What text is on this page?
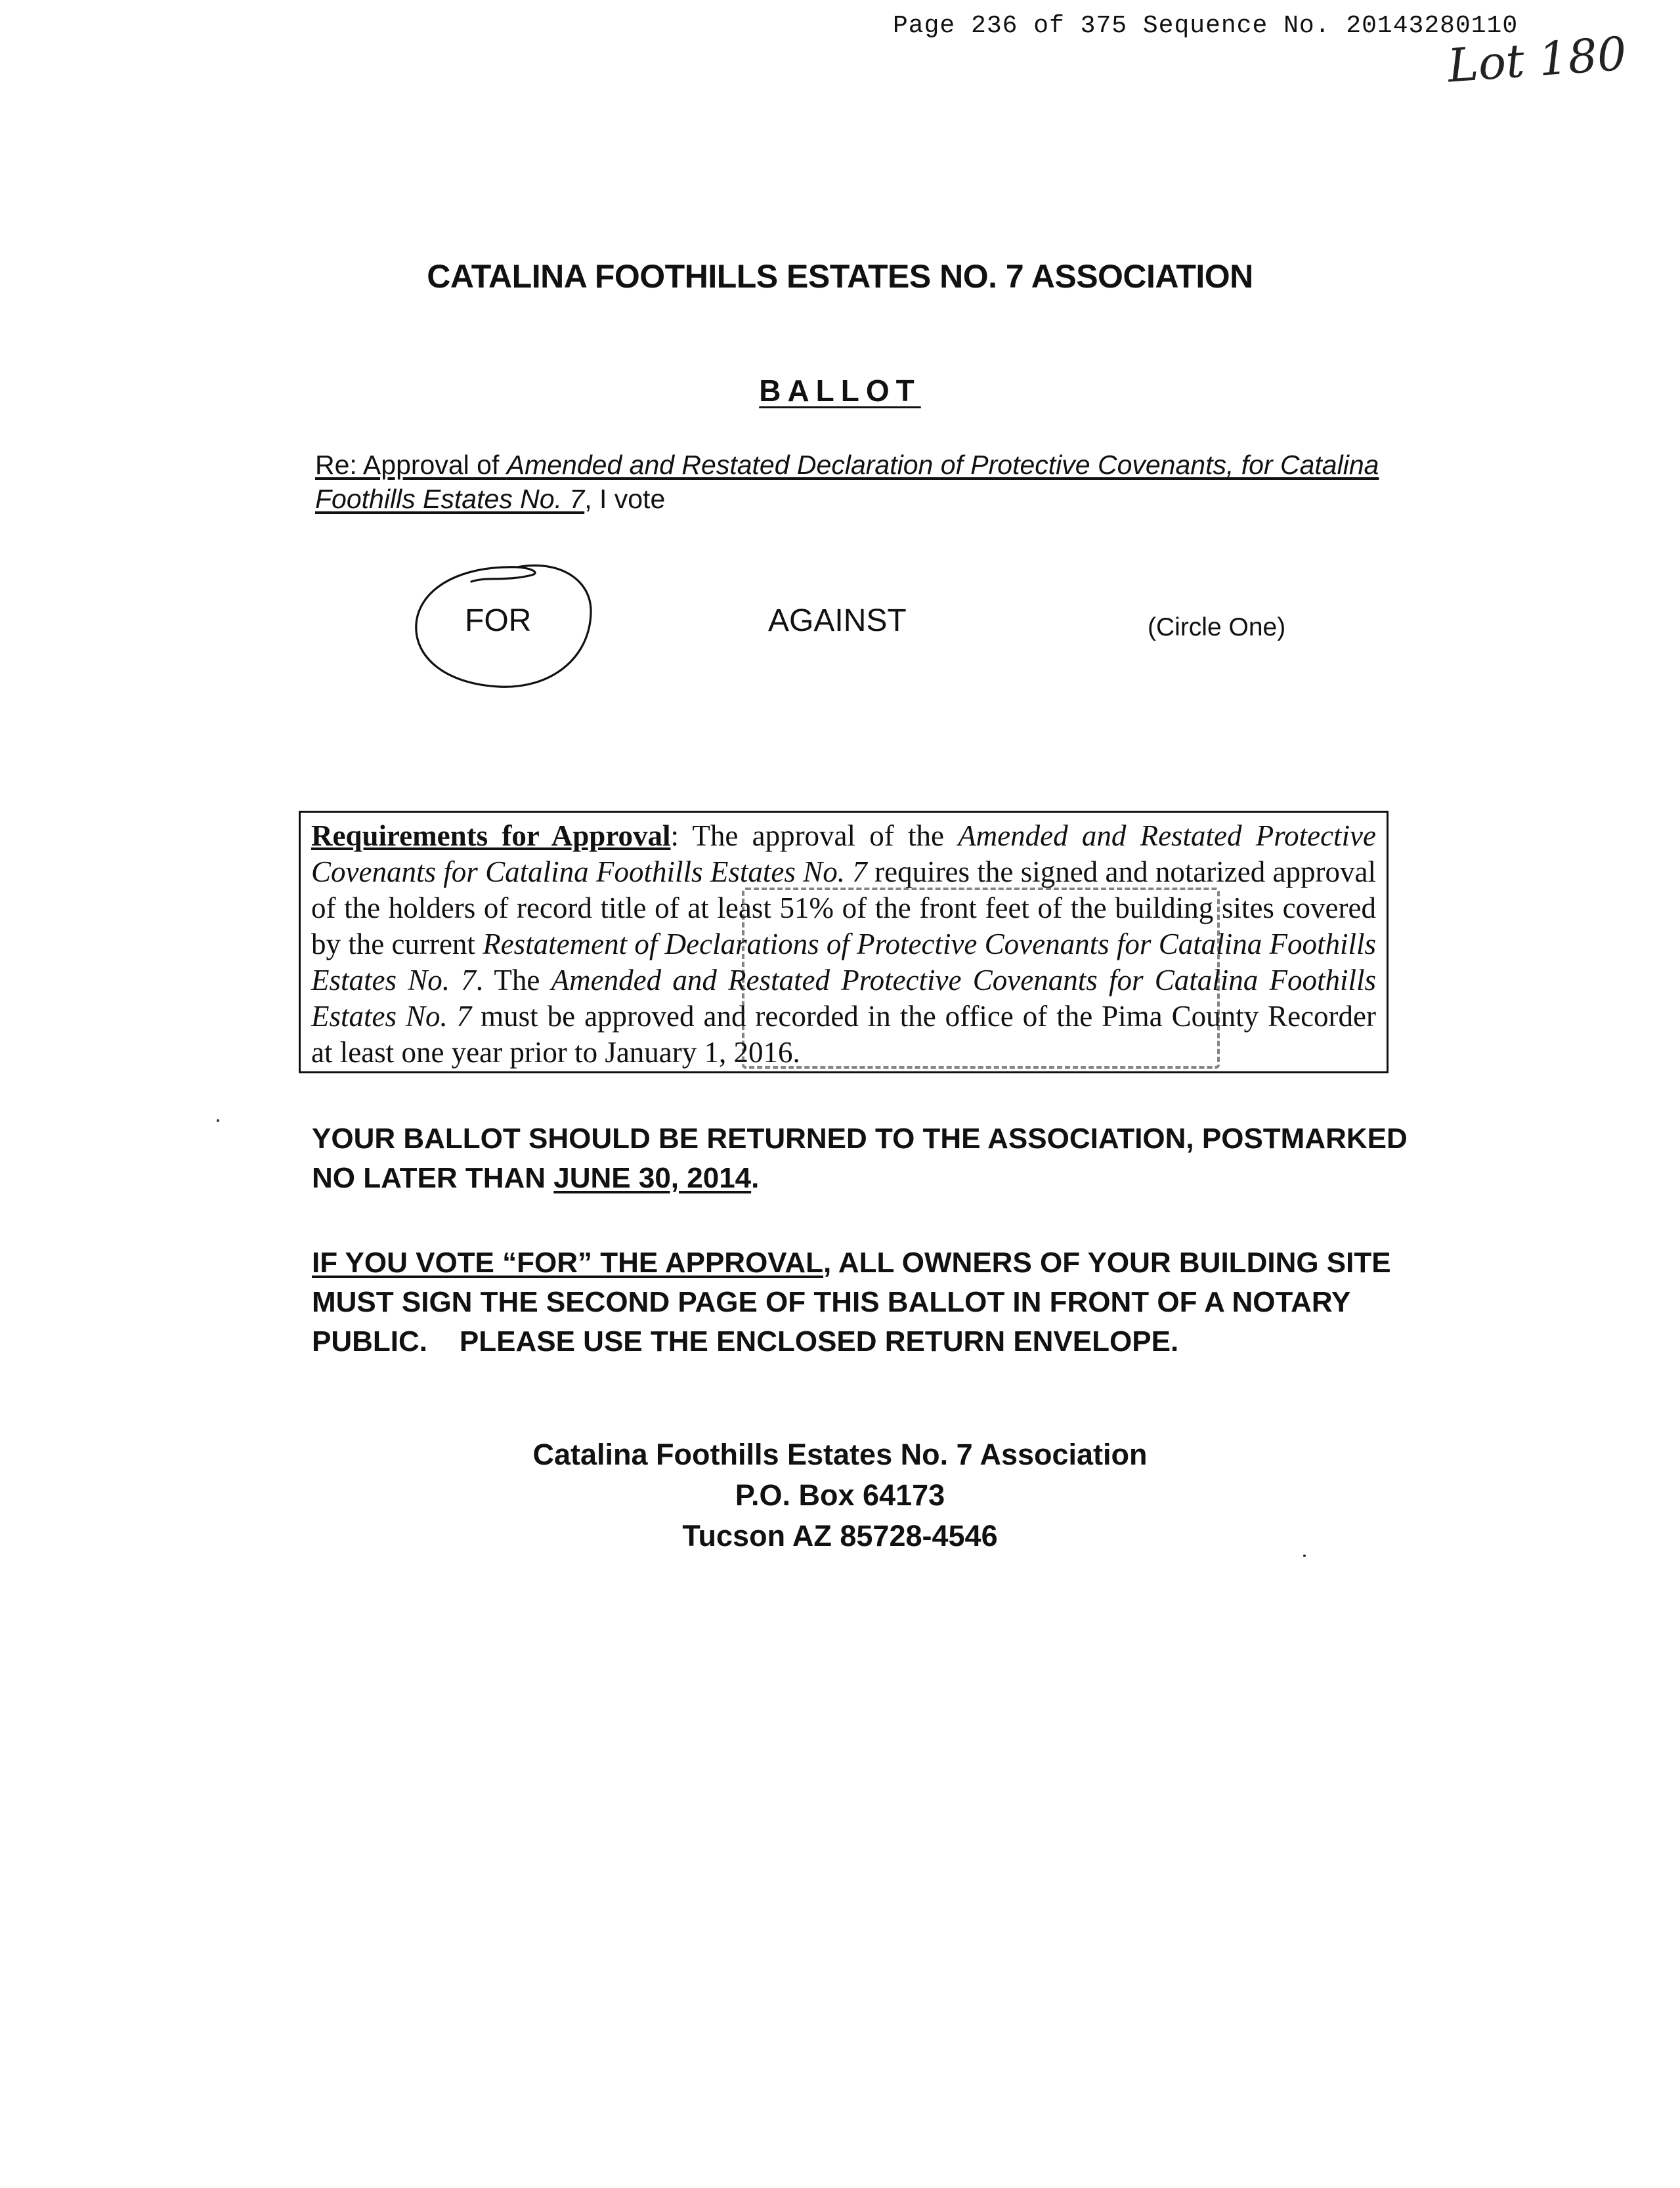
Page 236 of 375 Sequence No. 20143280110
Lot 180
CATALINA FOOTHILLS ESTATES NO. 7 ASSOCIATION
BALLOT
Re: Approval of Amended and Restated Declaration of Protective Covenants, for Catalina Foothills Estates No. 7, I vote
FOR	AGAINST	(Circle One)
Requirements for Approval: The approval of the Amended and Restated Protective Covenants for Catalina Foothills Estates No. 7 requires the signed and notarized approval of the holders of record title of at least 51% of the front feet of the building sites covered by the current Restatement of Declarations of Protective Covenants for Catalina Foothills Estates No. 7. The Amended and Restated Protective Covenants for Catalina Foothills Estates No. 7 must be approved and recorded in the office of the Pima County Recorder at least one year prior to January 1, 2016.
YOUR BALLOT SHOULD BE RETURNED TO THE ASSOCIATION, POSTMARKED NO LATER THAN JUNE 30, 2014.
IF YOU VOTE “FOR” THE APPROVAL, ALL OWNERS OF YOUR BUILDING SITE MUST SIGN THE SECOND PAGE OF THIS BALLOT IN FRONT OF A NOTARY PUBLIC.    PLEASE USE THE ENCLOSED RETURN ENVELOPE.
Catalina Foothills Estates No. 7 Association
P.O. Box 64173
Tucson AZ 85728-4546
